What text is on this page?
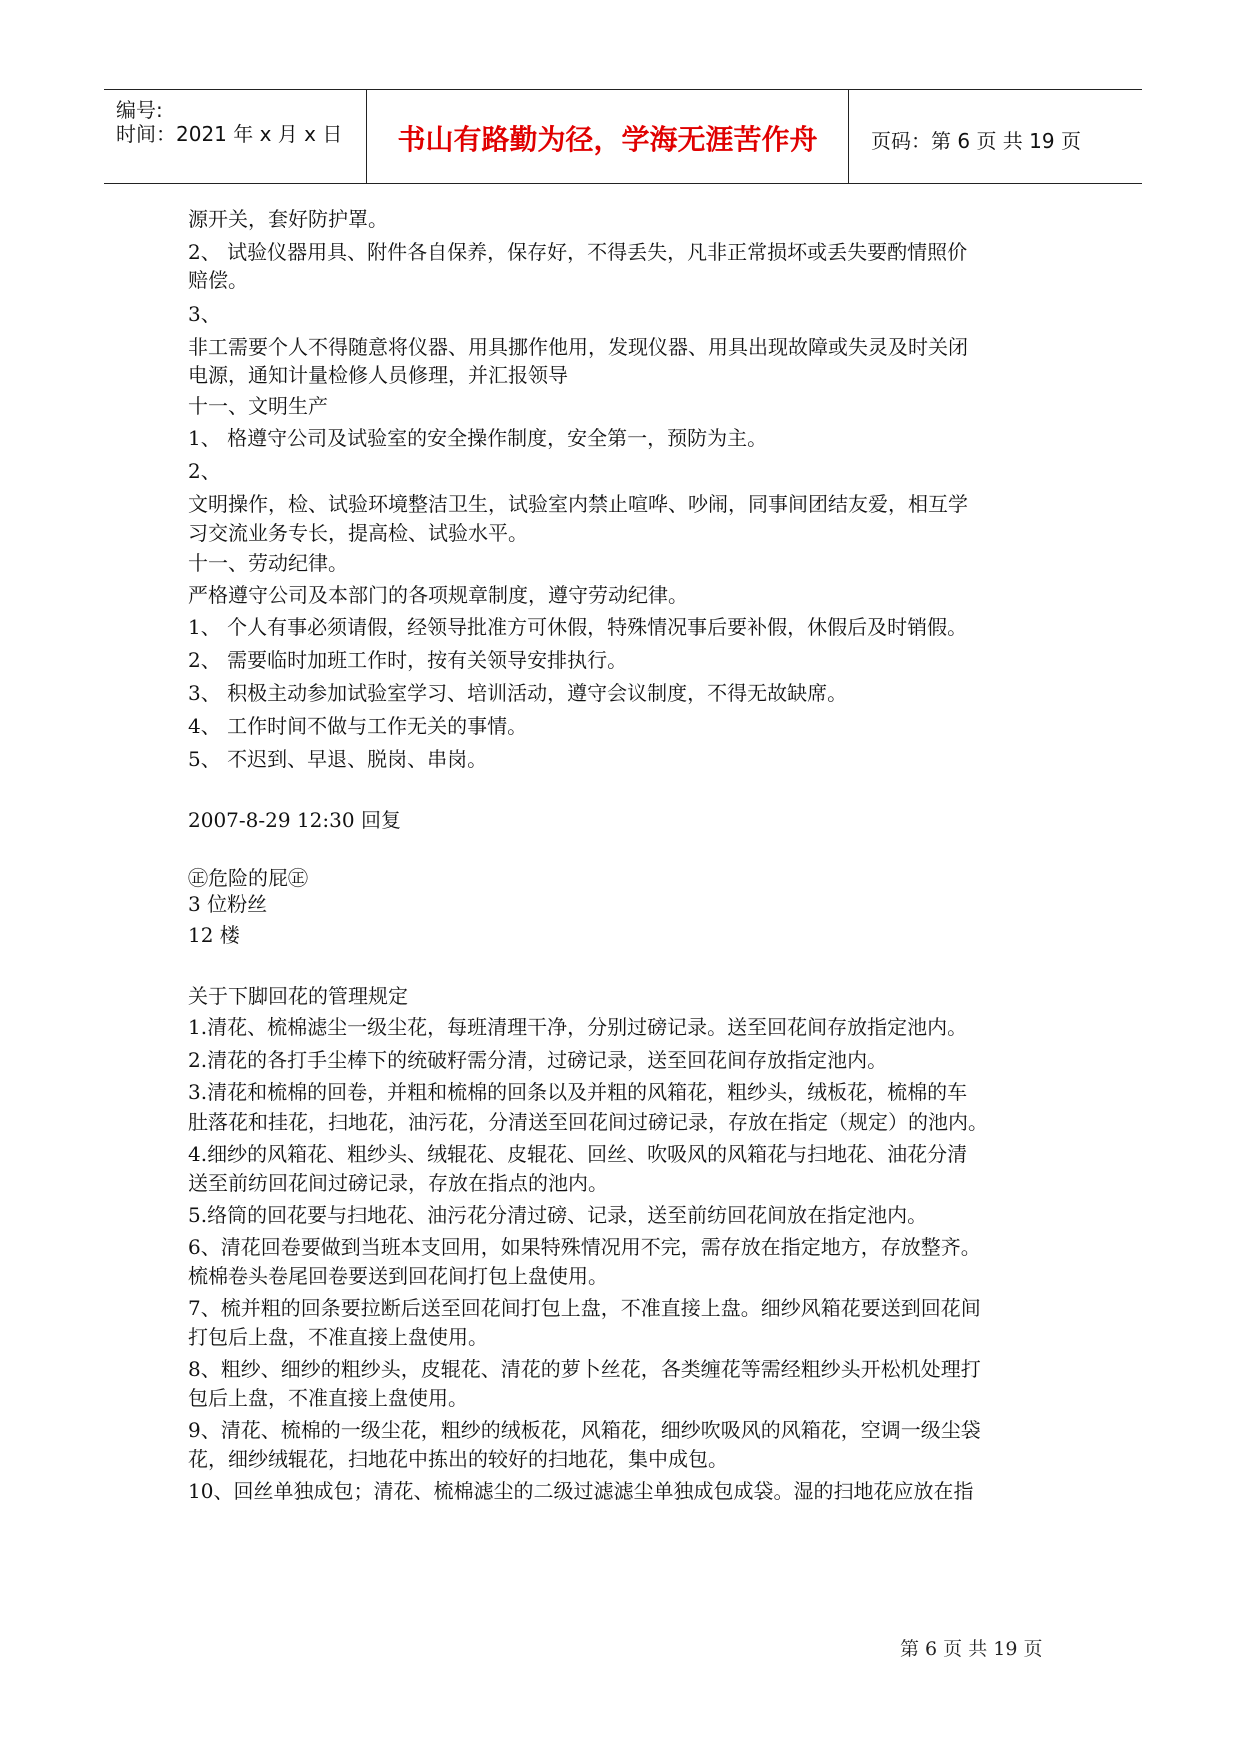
编号:
时间：2021 年 x 月 x 日	书山有路勤为径，学海无涯苦作舟	页码：第 6 页 共 19 页
源开关，套好防护罩。
2、 试验仪器用具、附件各自保养，保存好，不得丢失，凡非正常损坏或丢失要酌情照价
赔偿。
3、
非工需要个人不得随意将仪器、用具挪作他用，发现仪器、用具出现故障或失灵及时关闭
电源，通知计量检修人员修理，并汇报领导
十一、文明生产
1、 格遵守公司及试验室的安全操作制度，安全第一，预防为主。
2、
文明操作，检、试验环境整洁卫生，试验室内禁止喧哗、吵闹，同事间团结友爱，相互学
习交流业务专长，提高检、试验水平。
十一、劳动纪律。
严格遵守公司及本部门的各项规章制度，遵守劳动纪律。
1、 个人有事必须请假，经领导批准方可休假，特殊情况事后要补假，休假后及时销假。
2、 需要临时加班工作时，按有关领导安排执行。
3、 积极主动参加试验室学习、培训活动，遵守会议制度，不得无故缺席。
4、 工作时间不做与工作无关的事情。
5、 不迟到、早退、脱岗、串岗。
2007-8-29 12:30 回复
㊣危险的屁㊣
3 位粉丝
12 楼
关于下脚回花的管理规定
1.清花、梳棉滤尘一级尘花，每班清理干净，分别过磅记录。送至回花间存放指定池内。
2.清花的各打手尘棒下的统破籽需分清，过磅记录，送至回花间存放指定池内。
3.清花和梳棉的回卷，并粗和梳棉的回条以及并粗的风箱花，粗纱头，绒板花，梳棉的车
肚落花和挂花，扫地花，油污花，分清送至回花间过磅记录，存放在指定（规定）的池内。
4.细纱的风箱花、粗纱头、绒辊花、皮辊花、回丝、吹吸风的风箱花与扫地花、油花分清
送至前纺回花间过磅记录，存放在指点的池内。
5.络筒的回花要与扫地花、油污花分清过磅、记录，送至前纺回花间放在指定池内。
6、清花回卷要做到当班本支回用，如果特殊情况用不完，需存放在指定地方，存放整齐。
梳棉卷头卷尾回卷要送到回花间打包上盘使用。
7、梳并粗的回条要拉断后送至回花间打包上盘，不准直接上盘。细纱风箱花要送到回花间
打包后上盘，不准直接上盘使用。
8、粗纱、细纱的粗纱头，皮辊花、清花的萝卜丝花，各类缠花等需经粗纱头开松机处理打
包后上盘，不准直接上盘使用。
9、清花、梳棉的一级尘花，粗纱的绒板花，风箱花，细纱吹吸风的风箱花，空调一级尘袋
花，细纱绒辊花，扫地花中拣出的较好的扫地花，集中成包。
10、回丝单独成包；清花、梳棉滤尘的二级过滤滤尘单独成包成袋。湿的扫地花应放在指
第 6 页 共 19 页
